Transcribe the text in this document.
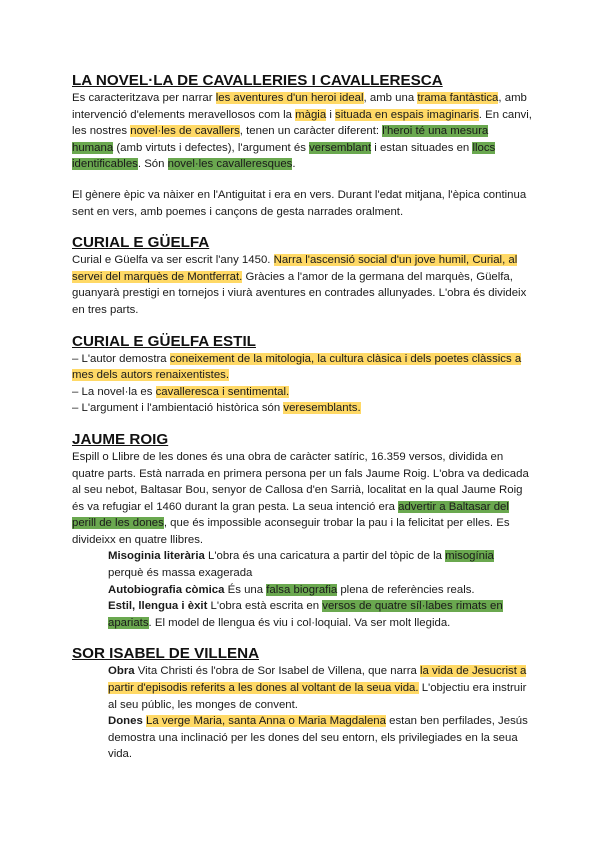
LA NOVEL·LA DE CAVALLERIES I CAVALLERESCA

Es caracteritzava per narrar les aventures d'un heroi ideal, amb una trama fantàstica, amb intervenció d'elements meravellosos com la màgia i situada en espais imaginaris. En canvi, les nostres novel·les de cavallers, tenen un caràcter diferent: l'heroi té una mesura humana (amb virtuts i defectes), l'argument és versemblant i estan situades en llocs identificables. Són novel·les cavalleresques.

El gènere èpic va nàixer en l'Antiguitat i era en vers. Durant l'edat mitjana, l'èpica continua sent en vers, amb poemes i cançons de gesta narrades oralment.

CURIAL E GÜELFA

Curial e Güelfa va ser escrit l'any 1450. Narra l'ascensió social d'un jove humil, Curial, al servei del marquès de Montferrat. Gràcies a l'amor de la germana del marquès, Güelfa, guanyarà prestigi en tornejos i viurà aventures en contrades allunyades. L'obra és divideix en tres parts.

CURIAL E GÜELFA ESTIL

– L'autor demostra coneixement de la mitologia, la cultura clàsica i dels poetes clàssics a mes dels autors renaixentistes.

– La novel·la es cavalleresca i sentimental.

– L'argument i l'ambientació històrica són veresemblants.

JAUME ROIG

Espill o Llibre de les dones és una obra de caràcter satíric, 16.359 versos, dividida en quatre parts. Està narrada en primera persona per un fals Jaume Roig. L'obra va dedicada al seu nebot, Baltasar Bou, senyor de Callosa d'en Sarrià, localitat en la qual Jaume Roig és va refugiar el 1460 durant la gran pesta. La seua intenció era advertir a Baltasar del perill de les dones, que és impossible aconseguir trobar la pau i la felicitat per elles. Es divideixx en quatre llibres.

Misoginia literària L'obra és una caricatura a partir del tòpic de la misogínia perquè és massa exagerada

Autobiografia còmica És una falsa biografia plena de referències reals.

Estil, llengua i èxit L'obra està escrita en versos de quatre síl·labes rimats en apariats. El model de llengua és viu i col·loquial. Va ser molt llegida.

SOR ISABEL DE VILLENA

Obra Vita Christi és l'obra de Sor Isabel de Villena, que narra la vida de Jesucrist a partir d'episodis referits a les dones al voltant de la seua vida. L'objectiu era instruir al seu públic, les monges de convent.

Dones La verge Maria, santa Anna o Maria Magdalena estan ben perfilades, Jesús demostra una inclinació per les dones del seu entorn, els privilegiades en la seua vida.
